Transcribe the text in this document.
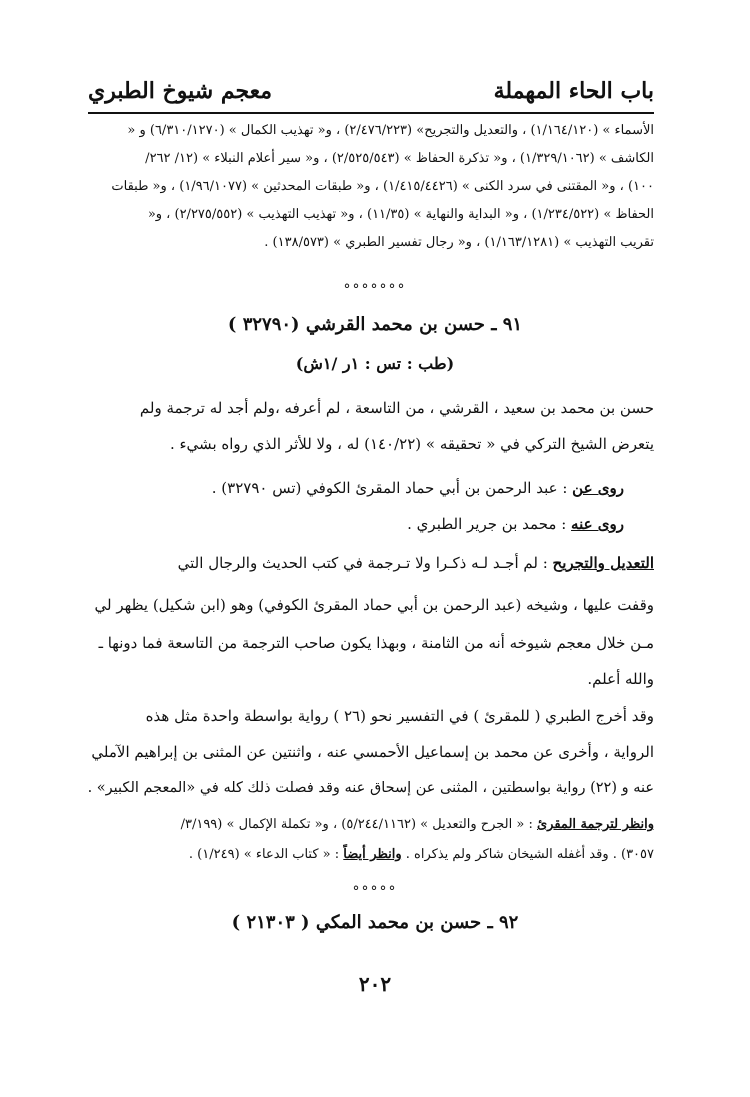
باب الحاء المهملة
معجم شيوخ الطبري
الأسماء » (١/١٦٤/١٢٠) ، والتعديل والتجريح» (٢/٤٧٦/٢٢٣) ، و« تهذيب الكمال » (٦/٣١٠/١٢٧٠) و «
الكاشف » (١/٣٢٩/١٠٦٢) ، و« تذكرة الحفاظ » (٢/٥٢٥/٥٤٣) ، و« سير أعلام النبلاء » (١٢/ ٢٦٢/
١٠٠) ، و« المقتنى في سرد الكنى » (١/٤١٥/٤٤٢٦) ، و« طبقات المحدثين » (١/٩٦/١٠٧٧) ، و« طبقات
الحفاظ » (١/٢٣٤/٥٢٢) ، و« البداية والنهاية » (١١/٣٥) ، و« تهذيب التهذيب » (٢/٢٧٥/٥٥٢) ، و«
تقريب التهذيب » (١/١٦٣/١٢٨١) ، و« رجال تفسير الطبري » (١٣٨/٥٧٣) .
°°°°°°°
٩١ ـ حسن بن محمد القرشي (٣٢٧٩٠ )
(طب : تس : ١ر /١ش)
حسن بن محمد بن سعيد ، القرشي ، من التاسعة ، لم أعرفه ،ولم أجد له ترجمة ولم
يتعرض الشيخ التركي في « تحقيقه » (١٤٠/٢٢) له ، ولا للأثر الذي رواه بشيء .
روى عن : عبد الرحمن بن أبي حماد المقرئ الكوفي (تس ٣٢٧٩٠) .
روى عنه : محمد بن جرير الطبري .
التعديل والتجريح : لم أجـد لـه ذكـرا ولا تـرجمة في كتب الحديث والرجال التي
وقفت عليها ، وشيخه (عبد الرحمن بن أبي حماد المقرئ الكوفي) وهو (ابن شكيل) يظهر لي
مـن خلال معجم شيوخه أنه من الثامنة ، وبهذا يكون صاحب الترجمة من التاسعة فما دونها ـ
والله أعلم.
وقد أخرج الطبري ( للمقرئ ) في التفسير نحو (٢٦ ) رواية بواسطة واحدة مثل هذه
الرواية ، وأخرى عن محمد بن إسماعيل الأحمسي عنه ، واثنتين عن المثنى بن إبراهيم الآملي
عنه و (٢٢) رواية بواسطتين ، المثنى عن إسحاق عنه وقد فصلت ذلك كله في «المعجم الكبير» .
وانظر لترجمة المقرئ : « الجرح والتعديل » (٥/٢٤٤/١١٦٢) ، و« تكملة الإكمال » (٣/١٩٩/
٣٠٥٧) . وقد أغفله الشيخان شاكر ولم يذكراه . وانظر أيضاً : « كتاب الدعاء » (١/٢٤٩) .
°°°°°
٩٢ ـ حسن بن محمد المكي ( ٢١٣٠٣ )
٢٠٢
